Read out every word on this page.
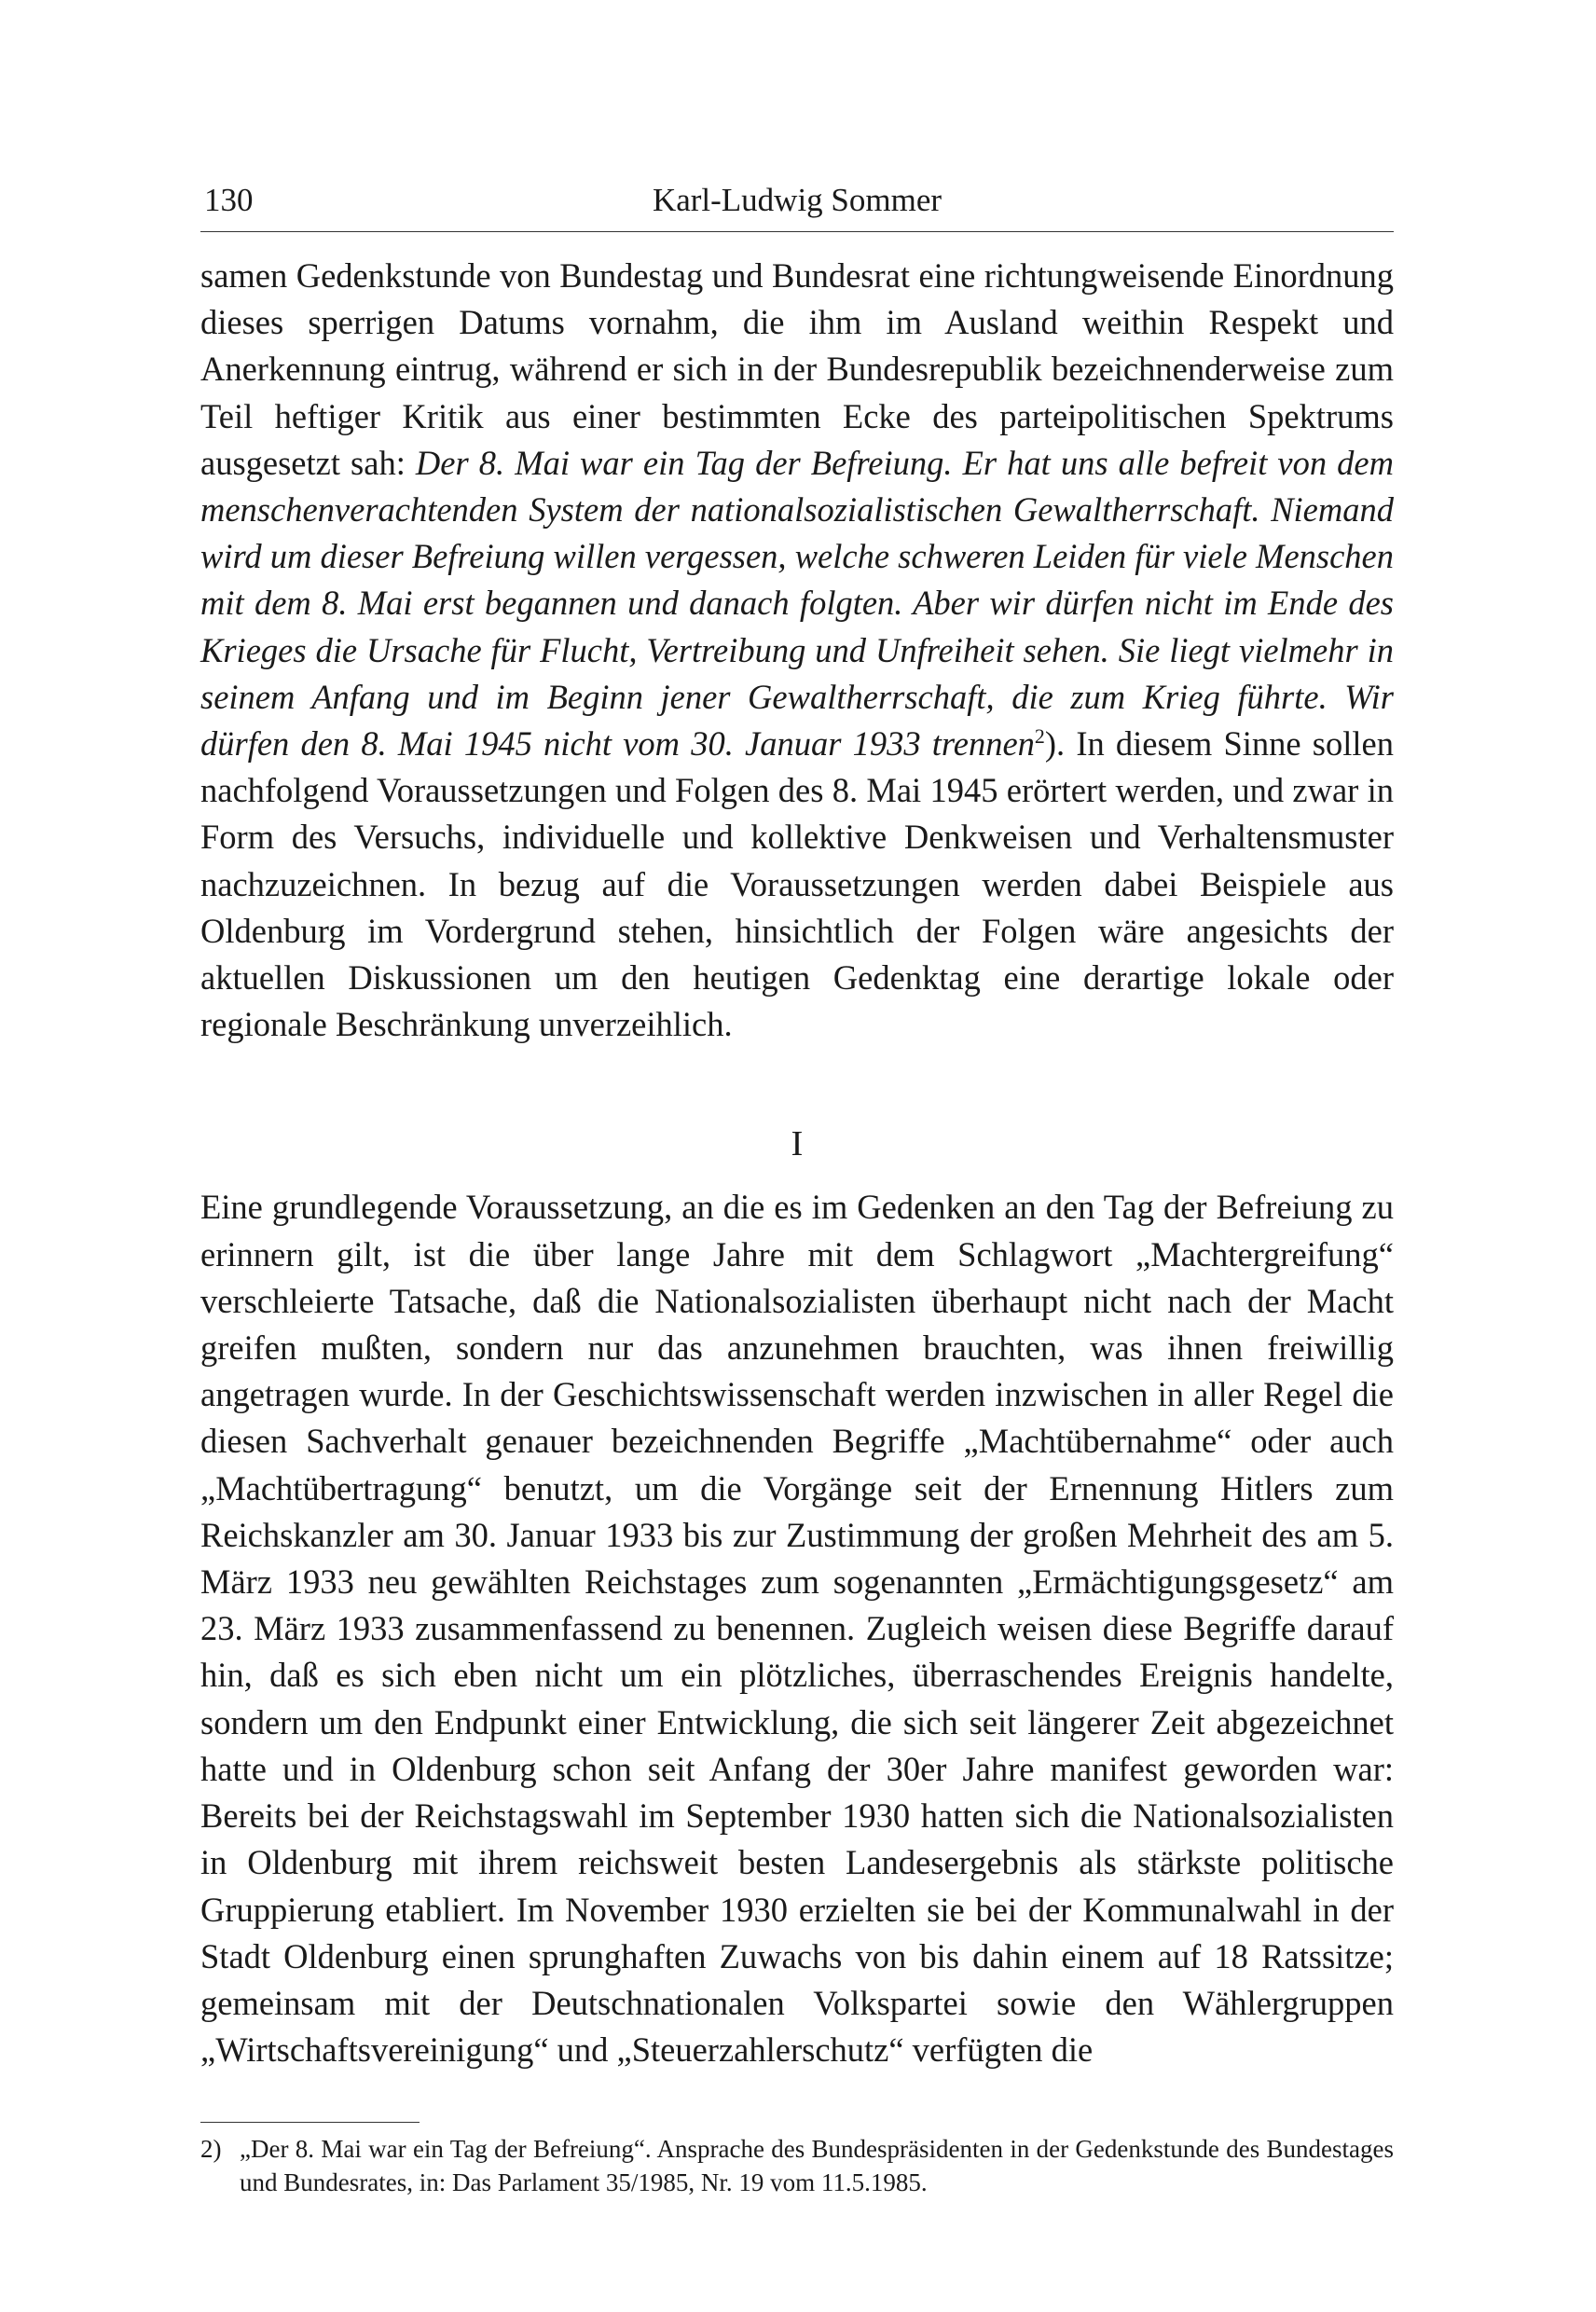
130	Karl-Ludwig Sommer

samen Gedenkstunde von Bundestag und Bundesrat eine richtungweisende Einordnung dieses sperrigen Datums vornahm, die ihm im Ausland weithin Respekt und Anerkennung eintrug, während er sich in der Bundesrepublik bezeichnenderweise zum Teil heftiger Kritik aus einer bestimmten Ecke des parteipolitischen Spektrums ausgesetzt sah: Der 8. Mai war ein Tag der Befreiung. Er hat uns alle befreit von dem menschenverachtenden System der nationalsozialistischen Gewaltherrschaft. Niemand wird um dieser Befreiung willen vergessen, welche schweren Leiden für viele Menschen mit dem 8. Mai erst begannen und danach folgten. Aber wir dürfen nicht im Ende des Krieges die Ursache für Flucht, Vertreibung und Unfreiheit sehen. Sie liegt vielmehr in seinem Anfang und im Beginn jener Gewaltherrschaft, die zum Krieg führte. Wir dürfen den 8. Mai 1945 nicht vom 30. Januar 1933 trennen$^2$). In diesem Sinne sollen nachfolgend Voraussetzungen und Folgen des 8. Mai 1945 erörtert werden, und zwar in Form des Versuchs, individuelle und kollektive Denkweisen und Verhaltensmuster nachzuzeichnen. In bezug auf die Voraussetzungen werden dabei Beispiele aus Oldenburg im Vordergrund stehen, hinsichtlich der Folgen wäre angesichts der aktuellen Diskussionen um den heutigen Gedenktag eine derartige lokale oder regionale Beschränkung unverzeihlich.

I

Eine grundlegende Voraussetzung, an die es im Gedenken an den Tag der Befreiung zu erinnern gilt, ist die über lange Jahre mit dem Schlagwort „Machtergreifung“ verschleierte Tatsache, daß die Nationalsozialisten überhaupt nicht nach der Macht greifen mußten, sondern nur das anzunehmen brauchten, was ihnen freiwillig angetragen wurde. In der Geschichtswissenschaft werden inzwischen in aller Regel die diesen Sachverhalt genauer bezeichnenden Begriffe „Machtübernahme“ oder auch „Machtübertragung“ benutzt, um die Vorgänge seit der Ernennung Hitlers zum Reichskanzler am 30. Januar 1933 bis zur Zustimmung der großen Mehrheit des am 5. März 1933 neu gewählten Reichstages zum sogenannten „Ermächtigungsgesetz“ am 23. März 1933 zusammenfassend zu benennen. Zugleich weisen diese Begriffe darauf hin, daß es sich eben nicht um ein plötzliches, überraschendes Ereignis handelte, sondern um den Endpunkt einer Entwicklung, die sich seit längerer Zeit abgezeichnet hatte und in Oldenburg schon seit Anfang der 30er Jahre manifest geworden war: Bereits bei der Reichstagswahl im September 1930 hatten sich die Nationalsozialisten in Oldenburg mit ihrem reichsweit besten Landesergebnis als stärkste politische Gruppierung etabliert. Im November 1930 erzielten sie bei der Kommunalwahl in der Stadt Oldenburg einen sprunghaften Zuwachs von bis dahin einem auf 18 Ratssitze; gemeinsam mit der Deutschnationalen Volkspartei sowie den Wählergruppen „Wirtschaftsvereinigung“ und „Steuerzahlerschutz“ verfügten die

2) „Der 8. Mai war ein Tag der Befreiung“. Ansprache des Bundespräsidenten in der Gedenkstunde des Bundestages und Bundesrates, in: Das Parlament 35/1985, Nr. 19 vom 11.5.1985.
